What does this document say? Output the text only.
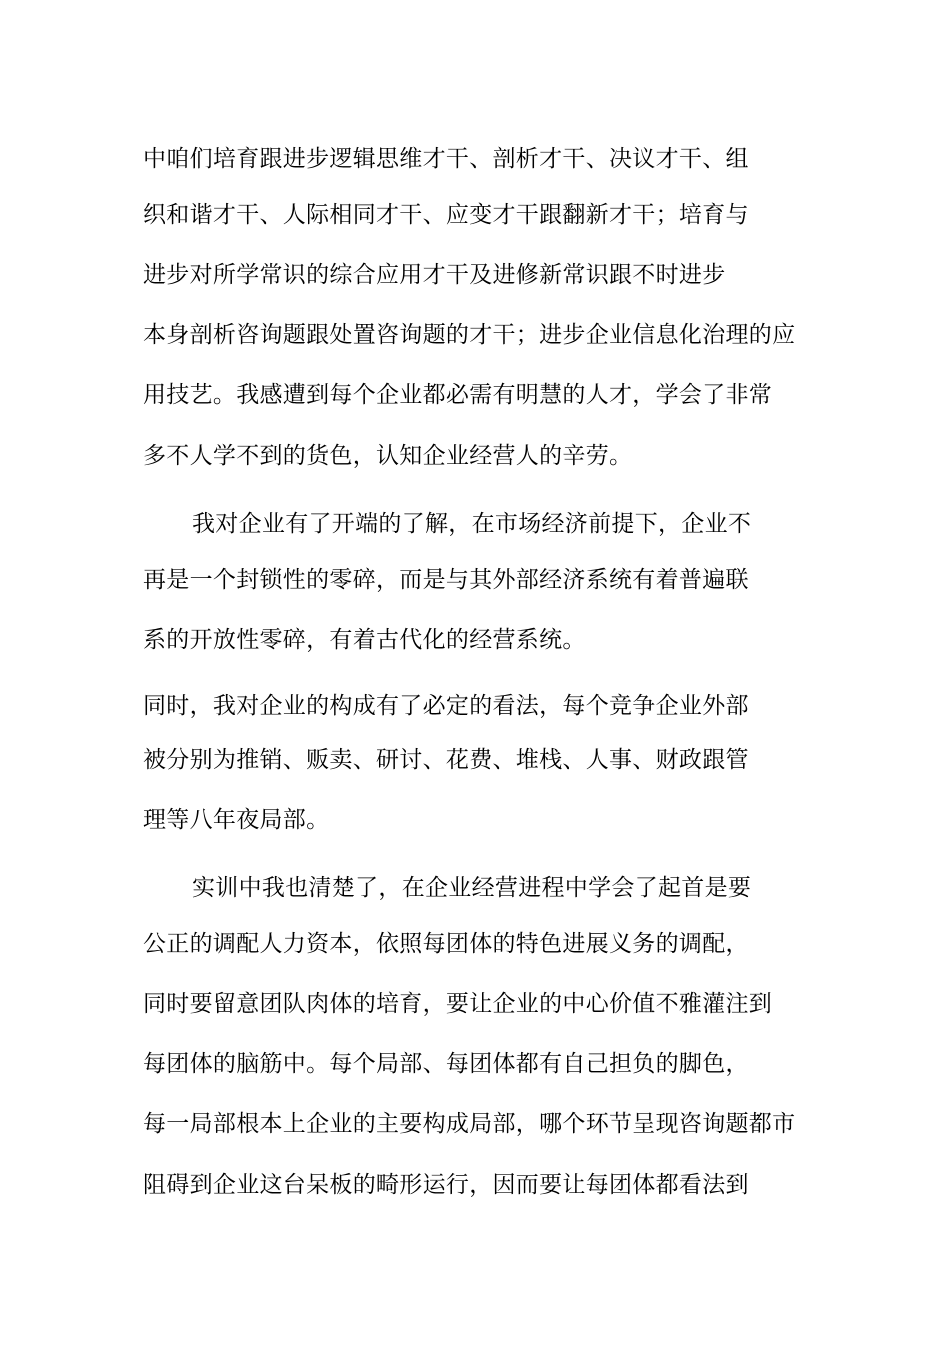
中咱们培育跟进步逻辑思维才干、剖析才干、决议才干、组
织和谐才干、人际相同才干、应变才干跟翻新才干；培育与
进步对所学常识的综合应用才干及进修新常识跟不时进步
本身剖析咨询题跟处置咨询题的才干；进步企业信息化治理的应
用技艺。我感遭到每个企业都必需有明慧的人才，学会了非常
多不人学不到的货色，认知企业经营人的辛劳。
我对企业有了开端的了解，在市场经济前提下，企业不
再是一个封锁性的零碎，而是与其外部经济系统有着普遍联
系的开放性零碎，有着古代化的经营系统。
同时，我对企业的构成有了必定的看法，每个竞争企业外部
被分别为推销、贩卖、研讨、花费、堆栈、人事、财政跟管
理等八年夜局部。
实训中我也清楚了，在企业经营进程中学会了起首是要
公正的调配人力资本，依照每团体的特色进展义务的调配，
同时要留意团队肉体的培育，要让企业的中心价值不雅灌注到
每团体的脑筋中。每个局部、每团体都有自己担负的脚色，
每一局部根本上企业的主要构成局部，哪个环节呈现咨询题都市
阻碍到企业这台呆板的畸形运行，因而要让每团体都看法到
